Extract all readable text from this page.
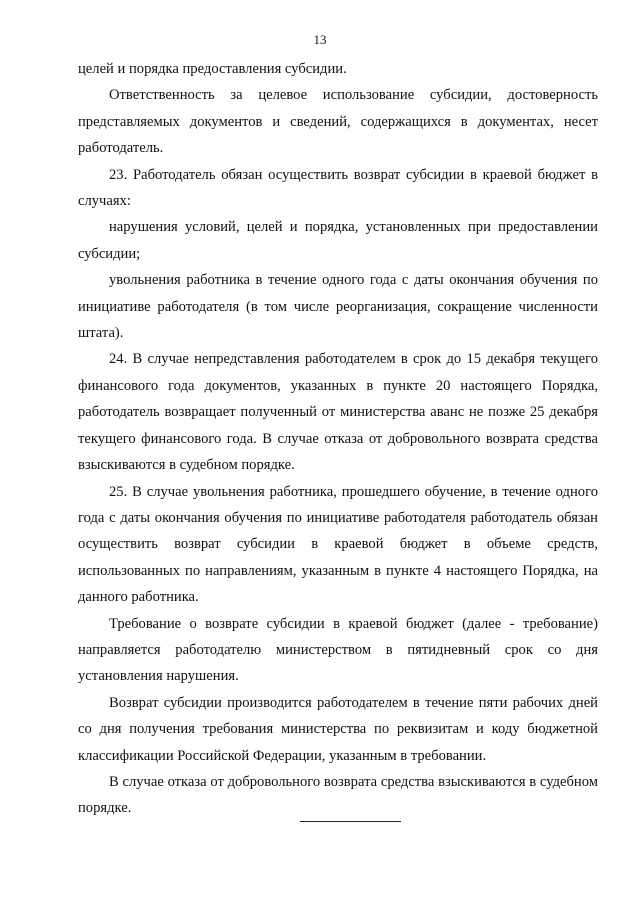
13

целей и порядка предоставления субсидии.

Ответственность за целевое использование субсидии, достоверность представляемых документов и сведений, содержащихся в документах, несет работодатель.

23. Работодатель обязан осуществить возврат субсидии в краевой бюджет в случаях:

нарушения условий, целей и порядка, установленных при предоставлении субсидии;

увольнения работника в течение одного года с даты окончания обучения по инициативе работодателя (в том числе реорганизация, сокращение численности штата).

24. В случае непредставления работодателем в срок до 15 декабря текущего финансового года документов, указанных в пункте 20 настоящего Порядка, работодатель возвращает полученный от министерства аванс не позже 25 декабря текущего финансового года. В случае отказа от добровольного возврата средства взыскиваются в судебном порядке.

25. В случае увольнения работника, прошедшего обучение, в течение одного года с даты окончания обучения по инициативе работодателя работодатель обязан осуществить возврат субсидии в краевой бюджет в объеме средств, использованных по направлениям, указанным в пункте 4 настоящего Порядка, на данного работника.

Требование о возврате субсидии в краевой бюджет (далее - требование) направляется работодателю министерством в пятидневный срок со дня установления нарушения.

Возврат субсидии производится работодателем в течение пяти рабочих дней со дня получения требования министерства по реквизитам и коду бюджетной классификации Российской Федерации, указанным в требовании.

В случае отказа от добровольного возврата средства взыскиваются в судебном порядке.
